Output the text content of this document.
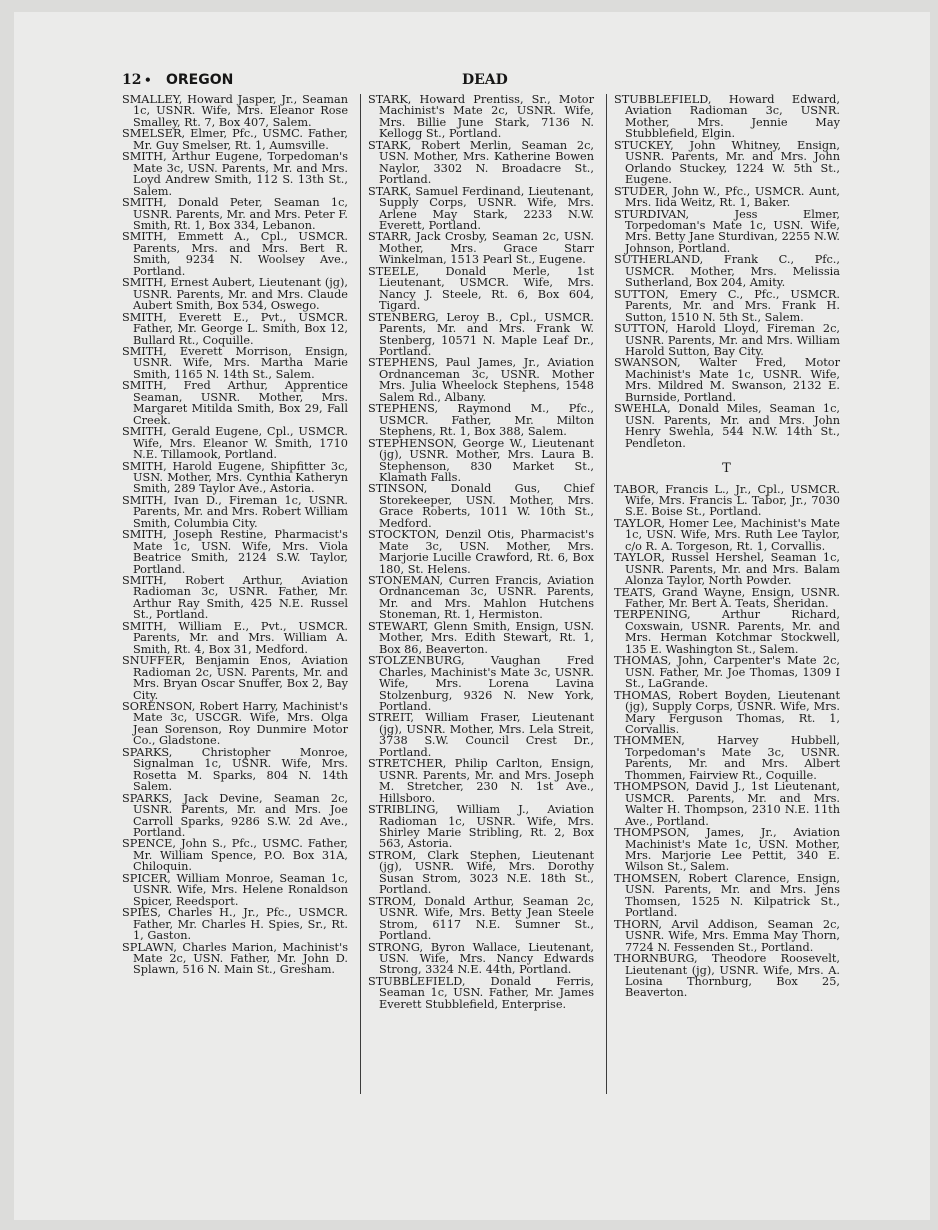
12 • OREGON	DEAD

SMALLEY, Howard Jasper, Jr., Seaman 1c, USNR. Wife, Mrs. Eleanor Rose Smalley, Rt. 7, Box 407, Salem.

SMELSER, Elmer, Pfc., USMC. Father, Mr. Guy Smelser, Rt. 1, Aumsville.

SMITH, Arthur Eugene, Torpedoman's Mate 3c, USN. Parents, Mr. and Mrs. Loyd Andrew Smith, 112 S. 13th St., Salem.

SMITH, Donald Peter, Seaman 1c, USNR. Parents, Mr. and Mrs. Peter F. Smith, Rt. 1, Box 334, Lebanon.

SMITH, Emmett A., Cpl., USMCR. Parents, Mrs. and Mrs. Bert R. Smith, 9234 N. Woolsey Ave., Portland.

SMITH, Ernest Aubert, Lieutenant (jg), USNR. Parents, Mr. and Mrs. Claude Aubert Smith, Box 534, Oswego.

SMITH, Everett E., Pvt., USMCR. Father, Mr. George L. Smith, Box 12, Bullard Rt., Coquille.

SMITH, Everett Morrison, Ensign, USNR. Wife, Mrs. Martha Marie Smith, 1165 N. 14th St., Salem.

SMITH, Fred Arthur, Apprentice Seaman, USNR. Mother, Mrs. Margaret Mitilda Smith, Box 29, Fall Creek.

SMITH, Gerald Eugene, Cpl., USMCR. Wife, Mrs. Eleanor W. Smith, 1710 N.E. Tillamook, Portland.

SMITH, Harold Eugene, Shipfitter 3c, USN. Mother, Mrs. Cynthia Katheryn Smith, 289 Taylor Ave., Astoria.

SMITH, Ivan D., Fireman 1c, USNR. Parents, Mr. and Mrs. Robert William Smith, Columbia City.

SMITH, Joseph Restine, Pharmacist's Mate 1c, USN. Wife, Mrs. Viola Beatrice Smith, 2124 S.W. Taylor, Portland.

SMITH, Robert Arthur, Aviation Radioman 3c, USNR. Father, Mr. Arthur Ray Smith, 425 N.E. Russel St., Portland.

SMITH, William E., Pvt., USMCR. Parents, Mr. and Mrs. William A. Smith, Rt. 4, Box 31, Medford.

SNUFFER, Benjamin Enos, Aviation Radioman 2c, USN. Parents, Mr. and Mrs. Bryan Oscar Snuffer, Box 2, Bay City.

SORENSON, Robert Harry, Machinist's Mate 3c, USCGR. Wife, Mrs. Olga Jean Sorenson, Roy Dunmire Motor Co., Gladstone.

SPARKS, Christopher Monroe, Signalman 1c, USNR. Wife, Mrs. Rosetta M. Sparks, 804 N. 14th Salem.

SPARKS, Jack Devine, Seaman 2c, USNR. Parents, Mr. and Mrs. Joe Carroll Sparks, 9286 S.W. 2d Ave., Portland.

SPENCE, John S., Pfc., USMC. Father, Mr. William Spence, P.O. Box 31A, Chiloquin.

SPICER, William Monroe, Seaman 1c, USNR. Wife, Mrs. Helene Ronaldson Spicer, Reedsport.

SPIES, Charles H., Jr., Pfc., USMCR. Father, Mr. Charles H. Spies, Sr., Rt. 1, Gaston.

SPLAWN, Charles Marion, Machinist's Mate 2c, USN. Father, Mr. John D. Splawn, 516 N. Main St., Gresham.

STARK, Howard Prentiss, Sr., Motor Machinist's Mate 2c, USNR. Wife, Mrs. Billie June Stark, 7136 N. Kellogg St., Portland.

STARK, Robert Merlin, Seaman 2c, USN. Mother, Mrs. Katherine Bowen Naylor, 3302 N. Broadacre St., Portland.

STARK, Samuel Ferdinand, Lieutenant, Supply Corps, USNR. Wife, Mrs. Arlene May Stark, 2233 N.W. Everett, Portland.

STARR, Jack Crosby, Seaman 2c, USN. Mother, Mrs. Grace Starr Winkelman, 1513 Pearl St., Eugene.

STEELE, Donald Merle, 1st Lieutenant, USMCR. Wife, Mrs. Nancy J. Steele, Rt. 6, Box 604, Tigard.

STENBERG, Leroy B., Cpl., USMCR. Parents, Mr. and Mrs. Frank W. Stenberg, 10571 N. Maple Leaf Dr., Portland.

STEPHENS, Paul James, Jr., Aviation Ordnanceman 3c, USNR. Mother Mrs. Julia Wheelock Stephens, 1548 Salem Rd., Albany.

STEPHENS, Raymond M., Pfc., USMCR. Father, Mr. Milton Stephens, Rt. 1, Box 388, Salem.

STEPHENSON, George W., Lieutenant (jg), USNR. Mother, Mrs. Laura B. Stephenson, 830 Market St., Klamath Falls.

STINSON, Donald Gus, Chief Storekeeper, USN. Mother, Mrs. Grace Roberts, 1011 W. 10th St., Medford.

STOCKTON, Denzil Otis, Pharmacist's Mate 3c, USN. Mother, Mrs. Marjorie Lucille Crawford, Rt. 6, Box 180, St. Helens.

STONEMAN, Curren Francis, Aviation Ordnanceman 3c, USNR. Parents, Mr. and Mrs. Mahlon Hutchens Stoneman, Rt. 1, Hermiston.

STEWART, Glenn Smith, Ensign, USN. Mother, Mrs. Edith Stewart, Rt. 1, Box 86, Beaverton.

STOLZENBURG, Vaughan Fred Charles, Machinist's Mate 3c, USNR. Wife, Mrs. Lorena Lavina Stolzenburg, 9326 N. New York, Portland.

STREIT, William Fraser, Lieutenant (jg), USNR. Mother, Mrs. Lela Streit, 3738 S.W. Council Crest Dr., Portland.

STRETCHER, Philip Carlton, Ensign, USNR. Parents, Mr. and Mrs. Joseph M. Stretcher, 230 N. 1st Ave., Hillsboro.

STRIBLING, William J., Aviation Radioman 1c, USNR. Wife, Mrs. Shirley Marie Stribling, Rt. 2, Box 563, Astoria.

STROM, Clark Stephen, Lieutenant (jg), USNR. Wife, Mrs. Dorothy Susan Strom, 3023 N.E. 18th St., Portland.

STROM, Donald Arthur, Seaman 2c, USNR. Wife, Mrs. Betty Jean Steele Strom, 6117 N.E. Sumner St., Portland.

STRONG, Byron Wallace, Lieutenant, USN. Wife, Mrs. Nancy Edwards Strong, 3324 N.E. 44th, Portland.

STUBBLEFIELD, Donald Ferris, Seaman 1c, USN. Father, Mr. James Everett Stubblefield, Enterprise.

STUBBLEFIELD, Howard Edward, Aviation Radioman 3c, USNR. Mother, Mrs. Jennie May Stubblefield, Elgin.

STUCKEY, John Whitney, Ensign, USNR. Parents, Mr. and Mrs. John Orlando Stuckey, 1224 W. 5th St., Eugene.

STUDER, John W., Pfc., USMCR. Aunt, Mrs. Iida Weitz, Rt. 1, Baker.

STURDIVAN, Jess Elmer, Torpedoman's Mate 1c, USN. Wife, Mrs. Betty Jane Sturdivan, 2255 N.W. Johnson, Portland.

SUTHERLAND, Frank C., Pfc., USMCR. Mother, Mrs. Melissia Sutherland, Box 204, Amity.

SUTTON, Emery C., Pfc., USMCR. Parents, Mr. and Mrs. Frank H. Sutton, 1510 N. 5th St., Salem.

SUTTON, Harold Lloyd, Fireman 2c, USNR. Parents, Mr. and Mrs. William Harold Sutton, Bay City.

SWANSON, Walter Fred, Motor Machinist's Mate 1c, USNR. Wife, Mrs. Mildred M. Swanson, 2132 E. Burnside, Portland.

SWEHLA, Donald Miles, Seaman 1c, USN. Parents, Mr. and Mrs. John Henry Swehla, 544 N.W. 14th St., Pendleton.

T

TABOR, Francis L., Jr., Cpl., USMCR. Wife, Mrs. Francis L. Tabor, Jr., 7030 S.E. Boise St., Portland.

TAYLOR, Homer Lee, Machinist's Mate 1c, USN. Wife, Mrs. Ruth Lee Taylor, c/o R. A. Torgeson, Rt. 1, Corvallis.

TAYLOR, Russel Hershel, Seaman 1c, USNR. Parents, Mr. and Mrs. Balam Alonza Taylor, North Powder.

TEATS, Grand Wayne, Ensign, USNR. Father, Mr. Bert A. Teats, Sheridan.

TERPENING, Arthur Richard, Coxswain, USNR. Parents, Mr. and Mrs. Herman Kotchmar Stockwell, 135 E. Washington St., Salem.

THOMAS, John, Carpenter's Mate 2c, USN. Father, Mr. Joe Thomas, 1309 I St., LaGrande.

THOMAS, Robert Boyden, Lieutenant (jg), Supply Corps, USNR. Wife, Mrs. Mary Ferguson Thomas, Rt. 1, Corvallis.

THOMMEN, Harvey Hubbell, Torpedoman's Mate 3c, USNR. Parents, Mr. and Mrs. Albert Thommen, Fairview Rt., Coquille.

THOMPSON, David J., 1st Lieutenant, USMCR. Parents, Mr. and Mrs. Walter H. Thompson, 2310 N.E. 11th Ave., Portland.

THOMPSON, James, Jr., Aviation Machinist's Mate 1c, USN. Mother, Mrs. Marjorie Lee Pettit, 340 E. Wilson St., Salem.

THOMSEN, Robert Clarence, Ensign, USN. Parents, Mr. and Mrs. Jens Thomsen, 1525 N. Kilpatrick St., Portland.

THORN, Arvil Addison, Seaman 2c, USNR. Wife, Mrs. Emma May Thorn, 7724 N. Fessenden St., Portland.

THORNBURG, Theodore Roosevelt, Lieutenant (jg), USNR. Wife, Mrs. A. Losina Thornburg, Box 25, Beaverton.
